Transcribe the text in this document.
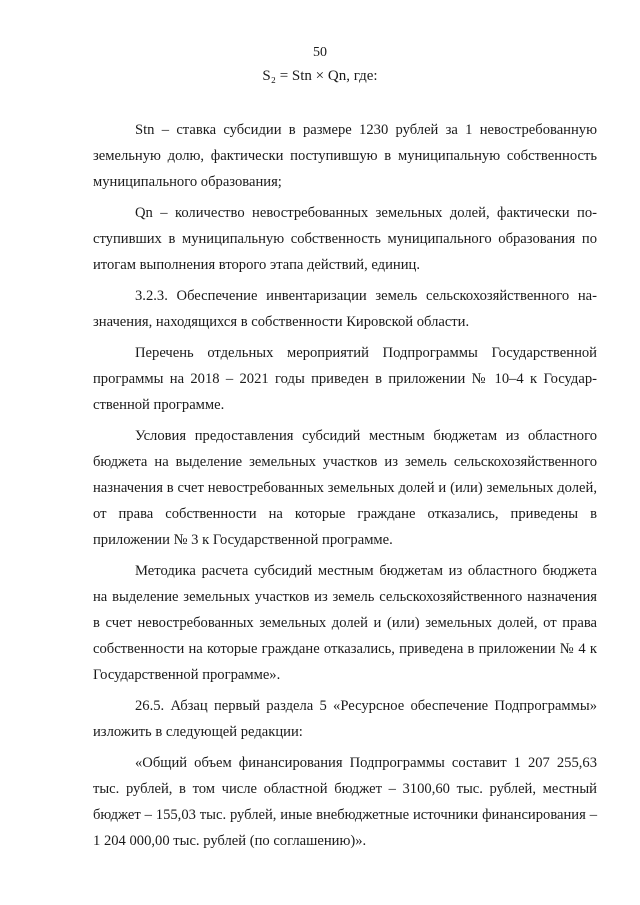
50
S₂ = Stn × Qn, где:

Stn – ставка субсидии в размере 1230 рублей за 1 невостребованную земельную долю, фактически поступившую в муниципальную собственность муниципального образования;

Qn – количество невостребованных земельных долей, фактически поступивших в муниципальную собственность муниципального образования по итогам выполнения второго этапа действий, единиц.

3.2.3. Обеспечение инвентаризации земель сельскохозяйственного назначения, находящихся в собственности Кировской области.

Перечень отдельных мероприятий Подпрограммы Государственной программы на 2018 – 2021 годы приведен в приложении № 10–4 к Государственной программе.

Условия предоставления субсидий местным бюджетам из областного бюджета на выделение земельных участков из земель сельскохозяйственного назначения в счет невостребованных земельных долей и (или) земельных долей, от права собственности на которые граждане отказались, приведены в приложении № 3 к Государственной программе.

Методика расчета субсидий местным бюджетам из областного бюджета на выделение земельных участков из земель сельскохозяйственного назначения в счет невостребованных земельных долей и (или) земельных долей, от права собственности на которые граждане отказались, приведена в приложении № 4 к Государственной программе».

26.5. Абзац первый раздела 5 «Ресурсное обеспечение Подпрограммы» изложить в следующей редакции:

«Общий объем финансирования Подпрограммы составит 1 207 255,63 тыс. рублей, в том числе областной бюджет – 3100,60 тыс. рублей, местный бюджет – 155,03 тыс. рублей, иные внебюджетные источники финансирования – 1 204 000,00 тыс. рублей (по соглашению)».
